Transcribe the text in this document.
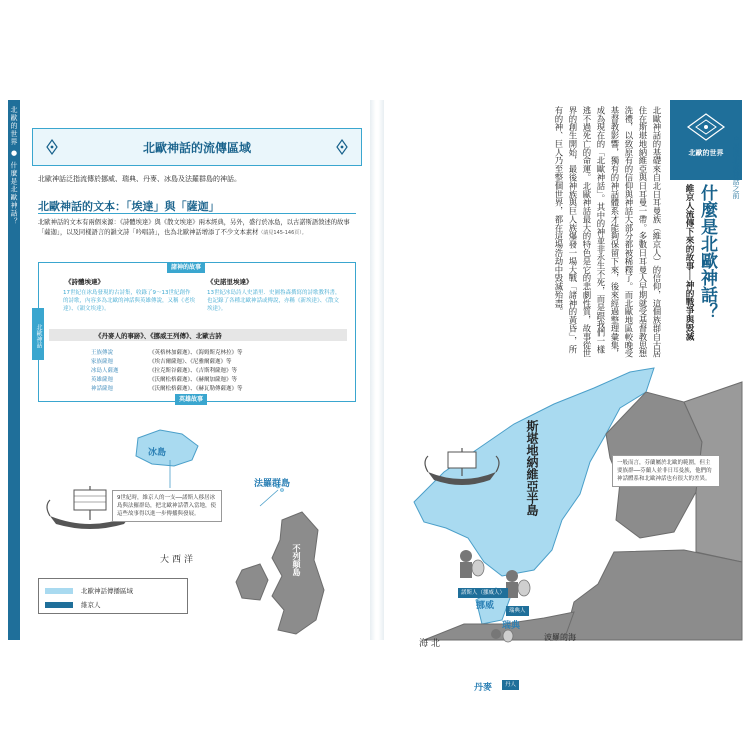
北歐的世界 ● 什麼是北歐神話？	北歐神話的流傳區域
北歐神話泛指流傳於挪威、瑞典、丹麥、冰島及法羅群島的神話。
北歐神話的文本：「埃達」與「薩迦」
北歐神話的文本有兩個來源：《詩體埃達》與《散文埃達》兩本經典，另外，盛行於冰島，以古諾斯語敘述的故事「薩迦」，以及同樣語言的韻文詩「吟唱詩」，也為北歐神話增添了不少文本素材（請見145-146頁）。
諸神的故事
《詩體埃達》	《史諾里埃達》
17世紀在冰島發現的古詩集，收錄了9～13世紀創作的詩歌，內容多為北歐的神話與英雄傳說，又稱《老埃達》、《韻文埃達》。
13世紀冰島詩人史諾里．史圖魯森撰寫的詩歌教科書，也記錄了各種北歐神話或傳說，亦稱《新埃達》、《散文埃達》。
《丹麥人的事跡》、《挪威王列傳》、北歐古詩
王族傳說	《英格林加薩迦》、《海姆斯克林拉》等
家族薩迦	《埃吉爾薩迦》、《尼雅爾薩迦》等
冰島人薩迦	《拉克斯谷薩迦》、《吉斯利薩迦》等
英雄薩迦	《沃爾松格薩迦》、《赫爾加薩迦》等
神話薩迦	《沃爾松格薩迦》、《赫瓦勒傳薩迦》等
英雄故事
北歐神話
冰島
法羅群島
大西洋	不列顛島
9世紀時，維京人的一支──諾斯人移居冰島與法羅群島，把北歐神話帶入當地，使這些故事得以進一步傳播與發展。
北歐神話傳播區域
維京人
北歐的世界	0 認識北歐神話之前
什麼是北歐神話？
維京人流傳下來的故事──神的戰爭與毀滅
北歐神話的基礎來自北日耳曼族（維京人）的信仰，這個族群自古居住在斯堪地納維亞與日耳曼一帶。多數日耳曼人早期就受基督教思想洗禮，以致原有的信仰與神話大部分都被稀釋了。而北歐地區較晚受基督教影響，獨有的神話體系才能夠保留下來，後來經過整理彙集，成為現在的「北歐神話」。其中的神並非永生不死，而是跟我們一樣逃不過死亡的命運。北歐神話最大的特色是它的悲劇性質，故事從世界的創生開始，最後神族與巨人族爆發一場大戰「諸神的黃昏」，所有的神、巨人乃至整個世界，都在這場浩劫中毀滅殆盡。
斯堪地納維亞半島
挪威
瑞典
丹麥
北海
波羅的海
諾斯人（挪威人）
瑞典人
丹人
一般而言，芬蘭屬於北歐的範圍，但主要族群──芬蘭人並非日耳曼族，他們的神話體系和北歐神話也有很大的差異。
